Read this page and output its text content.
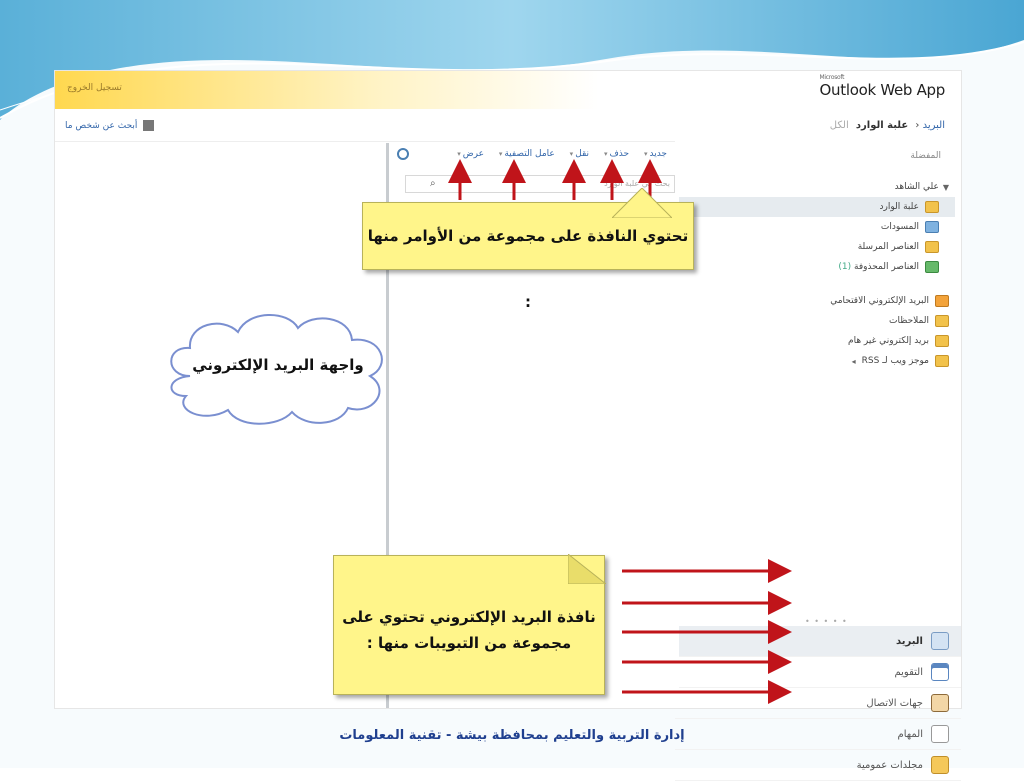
Microsoft
Outlook Web App
تسجيل الخروج
البريد ‹ علبة الوارد الكل
أبحث عن شخص ما
المفضلة
▼
علي الشاهد
علبة الوارد
المسودات
العناصر المرسلة
العناصر المحذوفة

(1)
البريد الإلكتروني الاقتحامي
الملاحظات
بريد إلكتروني غير هام
موجز ويب لـ RSS
◂
• • • • •
البريد
التقويم
جهات الاتصال
المهام
مجلدات عمومية
جديد▾ حذف▾ نقل▾ عامل التصفية▾ عرض▾
بحث في علبة الوارد
⌕
واجهة البريد الإلكتروني
تحتوي النافذة على مجموعة من الأوامر منها :
نافذة البريد الإلكتروني تحتوي على
مجموعة من التبويبات منها :
إدارة التربية والتعليم بمحافظة بيشة - تقنية المعلومات
